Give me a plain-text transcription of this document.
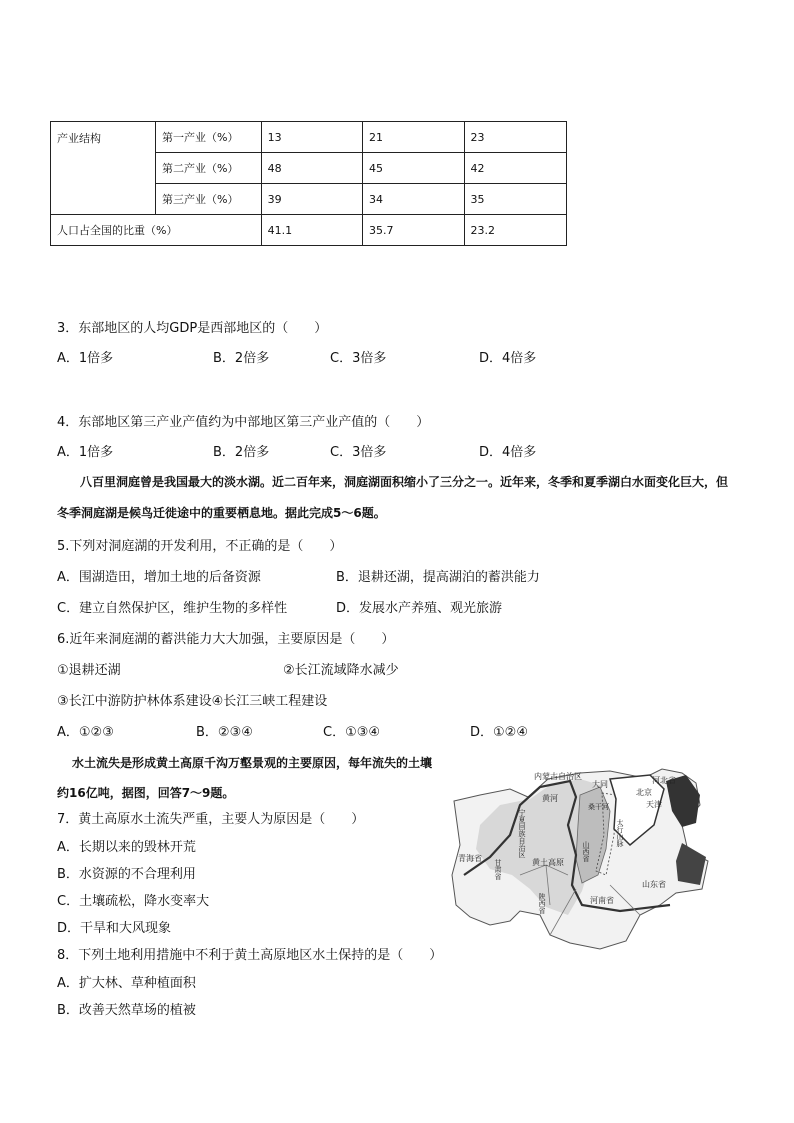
产业结构	第一产业（%）	13	21	23
	第二产业（%）	48	45	42
	第三产业（%）	39	34	35
人口占全国的比重（%）		41.1	35.7	23.2
3．东部地区的人均GDP是西部地区的（　　）
A．1倍多	B．2倍多	C．3倍多	D．4倍多
4．东部地区第三产业产值约为中部地区第三产业产值的（　　）
A．1倍多	B．2倍多	C．3倍多	D．4倍多
八百里洞庭曾是我国最大的淡水湖。近二百年来，洞庭湖面积缩小了三分之一。近年来，冬季和夏季湖白水面变化巨大，但
冬季洞庭湖是候鸟迁徙途中的重要栖息地。据此完成5～6题。
5.下列对洞庭湖的开发利用，不正确的是（　　）
A．围湖造田，增加土地的后备资源	B．退耕还湖，提高湖泊的蓄洪能力
C．建立自然保护区，维护生物的多样性	D．发展水产养殖、观光旅游
6.近年来洞庭湖的蓄洪能力大大加强，主要原因是（　　）
①退耕还湖	②长江流域降水减少
③长江中游防护林体系建设④长江三峡工程建设
A．①②③	B．②③④	C．①③④	D．①②④
水土流失是形成黄土高原千沟万壑景观的主要原因，每年流失的土壤
约16亿吨，据图，回答7～9题。
7．黄土高原水土流失严重，主要人为原因是（　　）
A．长期以来的毁林开荒
B．水资源的不合理利用
C．土壤疏松，降水变率大
D．干旱和大风现象
8．下列土地利用措施中不利于黄土高原地区水土保持的是（　　）
A．扩大林、草种植面积
B．改善天然草场的植被
内蒙古自治区	河北省
北京
天津
大同
桑干河
太行山脉
山西省
黄河
宁夏回族自治区
黄土高原
青海省
甘肃省
陕西省	河南省
山东省
